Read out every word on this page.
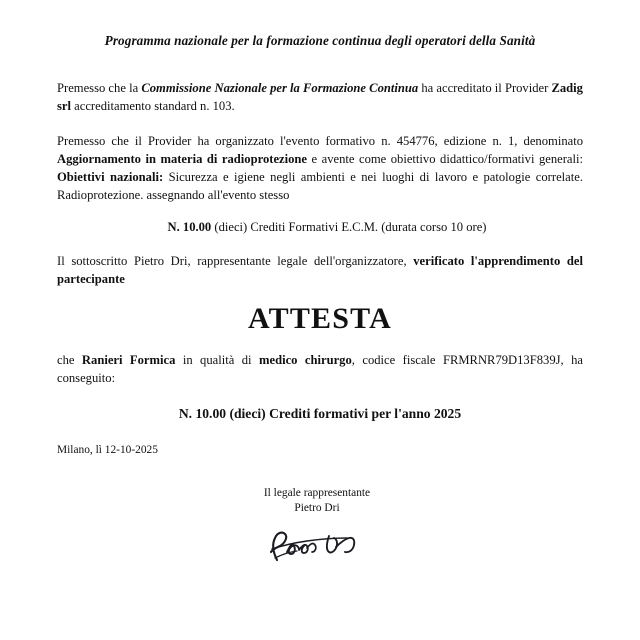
Programma nazionale per la formazione continua degli operatori della Sanità

Premesso che la Commissione Nazionale per la Formazione Continua ha accreditato il Provider Zadig srl accreditamento standard n. 103.

Premesso che il Provider ha organizzato l'evento formativo n. 454776, edizione n. 1, denominato Aggiornamento in materia di radioprotezione e avente come obiettivo didattico/formativi generali: Obiettivi nazionali: Sicurezza e igiene negli ambienti e nei luoghi di lavoro e patologie correlate. Radioprotezione. assegnando all'evento stesso

N. 10.00 (dieci) Crediti Formativi E.C.M. (durata corso 10 ore)

Il sottoscritto Pietro Dri, rappresentante legale dell'organizzatore, verificato l'apprendimento del partecipante

ATTESTA

che Ranieri Formica in qualità di medico chirurgo, codice fiscale FRMRNR79D13F839J, ha conseguito:

N. 10.00 (dieci) Crediti formativi per l'anno 2025

Milano, lì 12-10-2025

Il legale rappresentante
Pietro Dri
